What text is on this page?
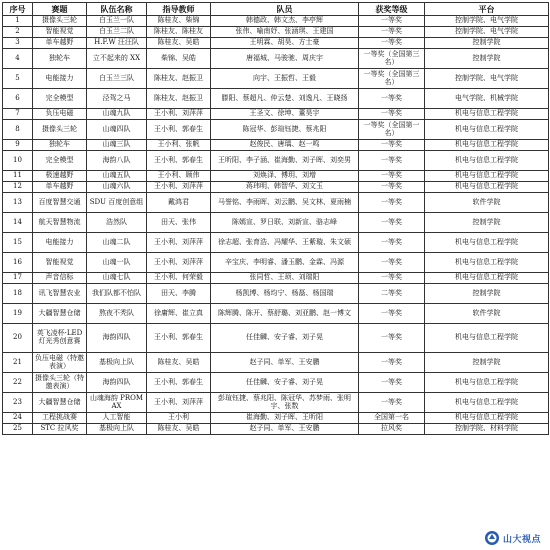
序号	赛题	队伍名称	指导教师	队员	获奖等级	平台
1	摄像头三轮	白玉兰一队	陈桂友、柴锦	韩德政、韩文杰、李亭辉	一等奖	控制学院、电气学院
2	智能视觉	白玉兰二队	陈桂友、陈桂友	张伟、喻南妤、张涵琪、王建国	一等奖	控制学院、电气学院
3	单车越野	H.F.W 汪汪队	陈桂友、吴皓	王明霖、胡昊、方士豪	一等奖	控制学院
4	独轮车	立不起来的 XX	柴锦、吴皓	唐福城、马骏驰、周庆宇	一等奖（全国第三名）	控制学院
5	电能接力	白玉兰三队	陈桂友、赵振卫	向宇、王振哲、王毅	一等奖（全国第三名）	控制学院、电气学院
6	完全模型	泾驾之马	陈桂友、赵振卫	滕阳、蔡超凡、仲云楚、刘逸凡、王晓扬	一等奖	电气学院、机械学院
7	负压电磁	山魂九队	王小利、刘萍萍	王圣文、徐坤、董昊宇	一等奖	机电与信息工程学院
8	摄像头三轮	山魂四队	王小利、郭春生	陈冠华、彭瑄钰捷、蔡兆阳	一等奖（全国第一名）	机电与信息工程学院
9	独轮车	山魂三队	王小利、张帆	赵俊民、唐瑀、赵一鸣	一等奖	机电与信息工程学院
10	完全模型	海韵八队	王小利、郭春生	王昕阳、李子涵、崔海勤、刘子晖、刘奕男	一等奖	机电与信息工程学院
11	极速越野	山魂五队	王小利、顾伟	刘焕泽、傅玥、刘增	一等奖	机电与信息工程学院
12	单车越野	山魂六队	王小利、刘萍萍	蒋玮明、韩智华、刘文玉	一等奖	机电与信息工程学院
13	百度智慧交通	SDU 百度创意组	戴鸿君	马誉铭、李雨晖、刘云鹏、吴文林、夏雨楠	一等奖	软件学院
14	航天智慧物流	浩然队	田天、张伟	陈嫣宣、罗日联、刘新宣、骆志峰	一等奖	控制学院
15	电能接力	山魂二队	王小利、刘萍萍	徐志超、张育浩、冯耀华、王紫璇、朱文硕	一等奖	机电与信息工程学院
16	智能视觉	山魂一队	王小利、刘萍萍	辛宝庆、李明睿、潘玉鹏、金霖、冯源	一等奖	机电与信息工程学院
17	声音信标	山魂七队	王小利、何荣毅	张同哲、王顼、刘瑞阳	一等奖	机电与信息工程学院
18	讯飞智慧农业	我们队都不怕队	田天、李腾	杨凯博、杨均宁、杨磊、杨国瑞	二等奖	控制学院
19	大疆智慧仓储	熬夜不秃队	徐庸辉、崔立真	陈辉腾、陈开、蔡舒璐、刘亚鹏、赵一博文	一等奖	软件学院
20	英飞凌杯·LED 灯光秀创意赛	海韵四队	王小利、郭春生	任佳麟、安子睿、刘子晃	一等奖	机电与信息工程学院
21	负压电磁（特邀表演）	基极向上队	陈桂友、吴皓	赵子同、单军、王安鹏	一等奖	控制学院
22	摄像头三轮（特邀表演）	海韵四队	王小利、郭春生	任佳麟、安子睿、刘子晃	一等奖	机电与信息工程学院
23	大疆智慧仓储	山魂海韵 PROMAX	王小利、刘萍萍	彭瑄钰捷、蔡兆阳、陈冠华、苏梦雨、张明宇、张数	一等奖	机电与信息工程学院
24	工程挑战赛	人工智能	王小利	崔海勤、刘子晖、王昕阳	全国第一名	机电与信息工程学院
25	STC 拉风奖	基极向上队	陈桂友、吴皓	赵子同、单军、王安鹏	拉风奖	控制学院、材料学院
山大视点
